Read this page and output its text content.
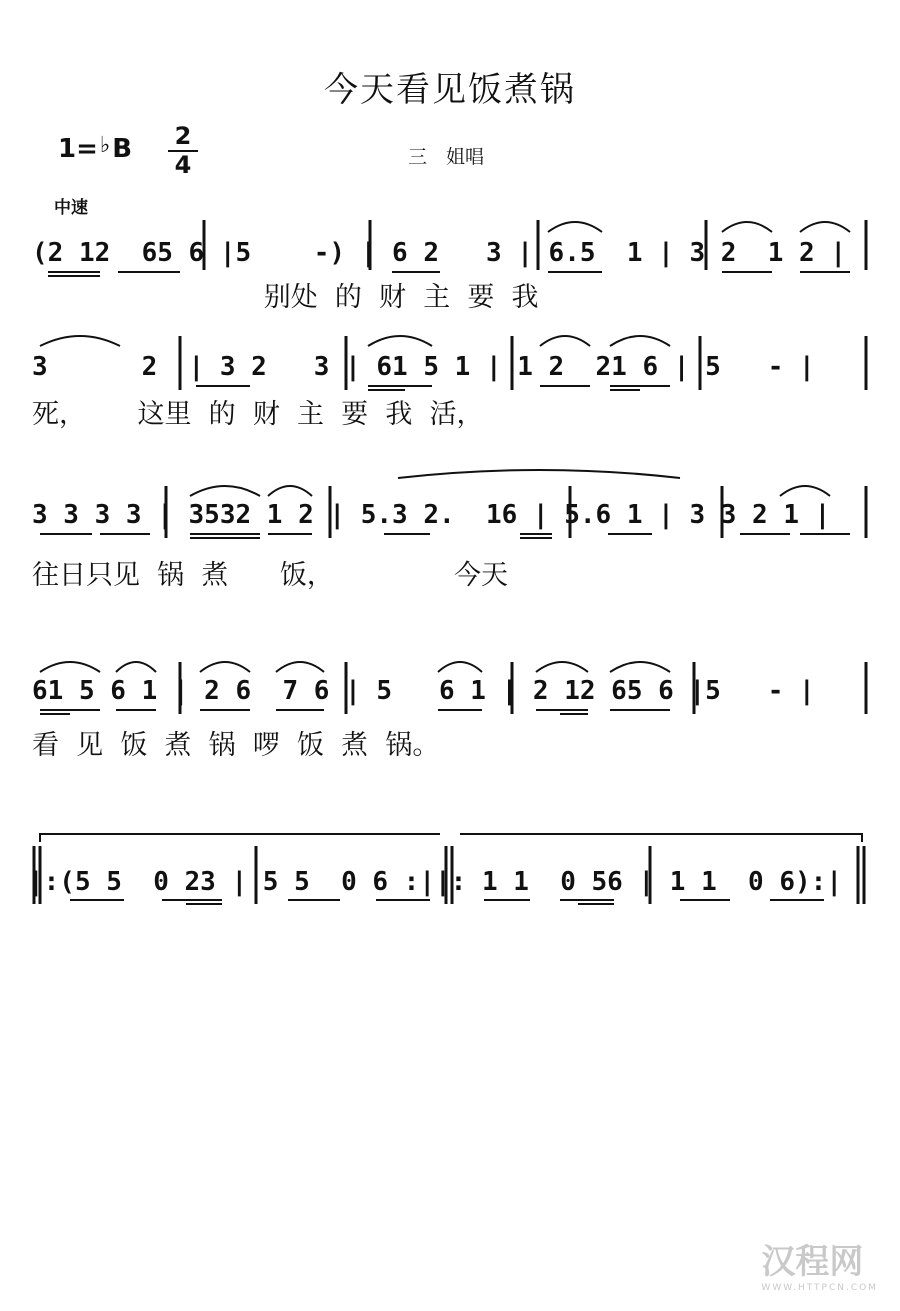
今天看见饭煮锅
1=♭B 2
4	三　姐唱
中速
(2 12  65 6 |5    -) | 6 2   3 | 6.5  1 | 3 2  1 2 |
别处  的  财  主  要  我
3      2  | 3 2   3 | 61 5 1 | 1 2  21 6 | 5   - |
死，      这里  的  财  主  要  我  活，
3 3 3 3 | 3532 1 2 | 5.3 2.  16 | 5.6 1 | 3 3 2 1 |
往日只见  锅  煮      饭，              今天
61 5 6 1 | 2 6  7 6 | 5   6 1 | 2 12 65 6 |5   - |
看  见  饭  煮  锅  啰  饭  煮  锅。
|:(5 5  0 23 | 5 5  0 6 :||: 1 1  0 56 | 1 1  0 6):|
汉程网
WWW.HTTPCN.COM
